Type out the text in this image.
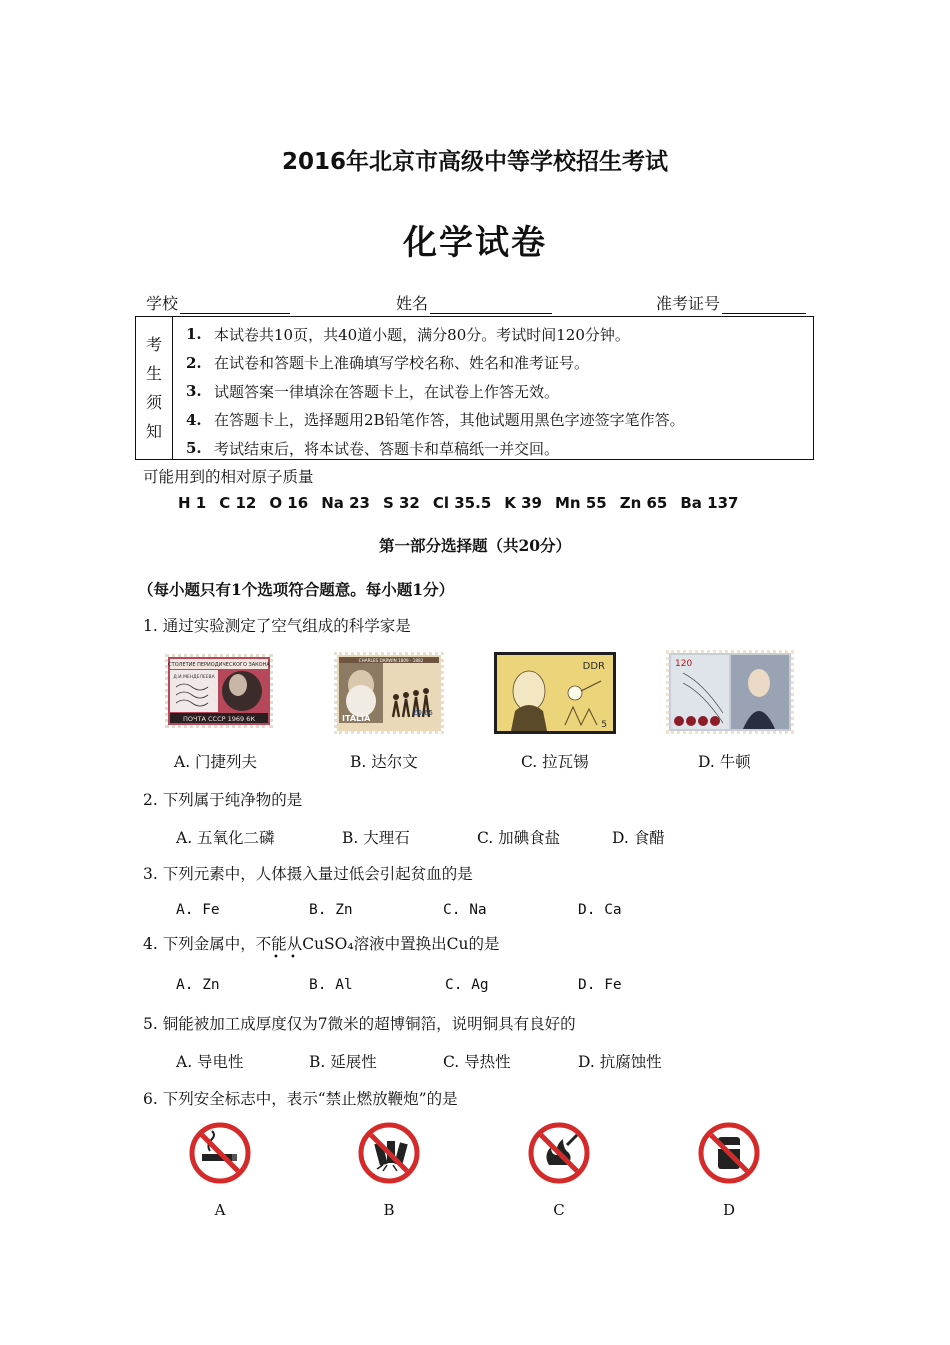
2016年北京市高级中等学校招生考试
化学试卷
学校	姓名	准考证号
考
生
须
知
1. 本试卷共10页，共40道小题，满分80分。考试时间120分钟。
2. 在试卷和答题卡上准确填写学校名称、姓名和准考证号。
3. 试题答案一律填涂在答题卡上，在试卷上作答无效。
4. 在答题卡上，选择题用2B铅笔作答，其他试题用黑色字迹签字笔作答。
5. 考试结束后，将本试卷、答题卡和草稿纸一并交回。
可能用到的相对原子质量
H 1 C 12 O 16 Na 23 S 32 Cl 35.5 K 39 Mn 55 Zn 65 Ba 137
第一部分选择题（共20分）
（每小题只有1个选项符合题意。每小题1分）
1. 通过实验测定了空气组成的科学家是
СТОЛЕТИЕ ПЕРИОДИЧЕСКОГО ЗАКОНА
Д.И.МЕНДЕЛЕЕВА
ПОЧТА СССР 1969 6К
CHARLES DARWIN 1809 · 1882
ITALIA
€0,65
DDR
5
120
A. 门捷列夫	B. 达尔文	C. 拉瓦锡	D. 牛顿
2. 下列属于纯净物的是
A. 五氧化二磷	B. 大理石	C. 加碘食盐	D. 食醋
3. 下列元素中，人体摄入量过低会引起贫血的是
A. Fe	B. Zn	C. Na	D. Ca
4. 下列金属中，不能从CuSO₄溶液中置换出Cu的是
• •
A. Zn	B. Al	C. Ag	D. Fe
5. 铜能被加工成厚度仅为7微米的超博铜箔，说明铜具有良好的
A. 导电性	B. 延展性	C. 导热性	D. 抗腐蚀性
6. 下列安全标志中，表示“禁止燃放鞭炮”的是
A	B	C	D
